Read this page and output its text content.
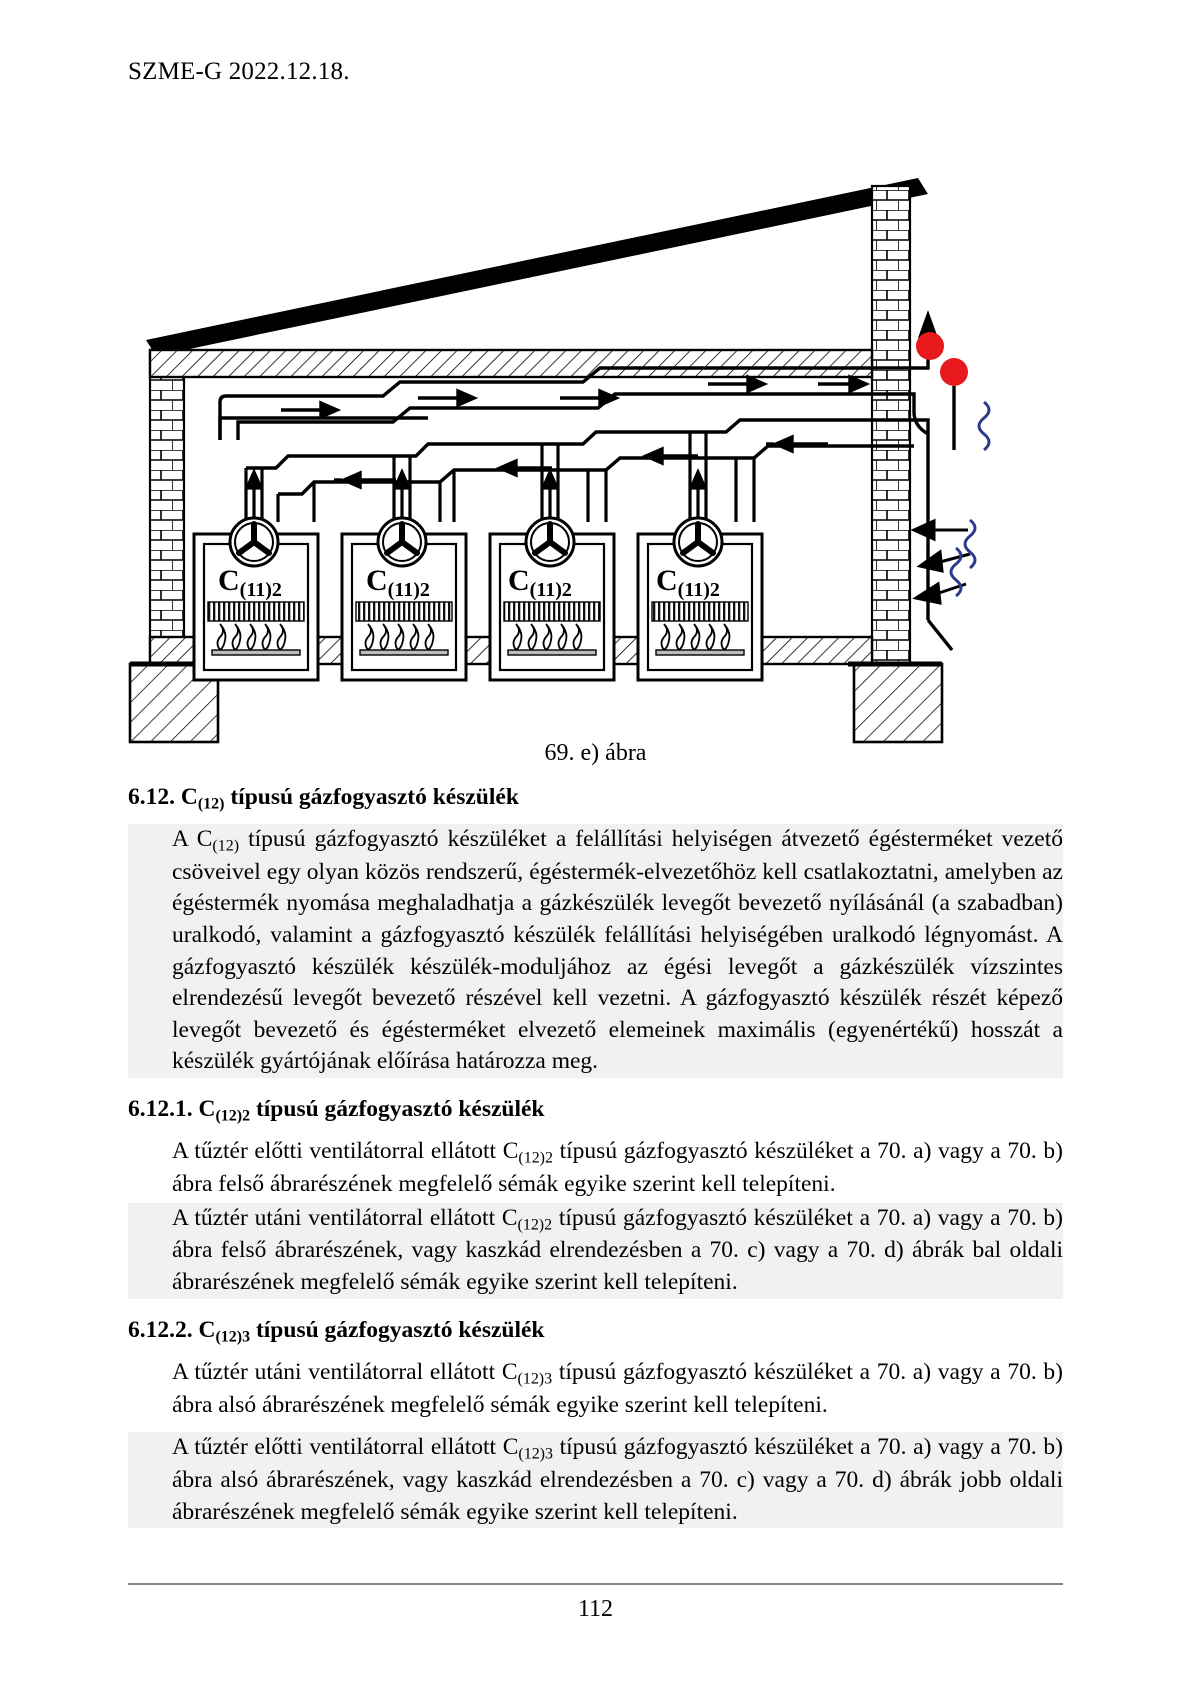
SZME-G 2022.12.18.
$C_{(11)2}$	$C_{(11)2}$	$C_{(11)2}$	$C_{(11)2}$
69. e) ábra
6.12. $C_{(12)}$ típusú gázfogyasztó készülék

A $C_{(12)}$ típusú gázfogyasztó készüléket a felállítási helyiségen átvezető égésterméket vezető csöveivel egy olyan közös rendszerű, égéstermék-elvezetőhöz kell csatlakoztatni, amelyben az égéstermék nyomása meghaladhatja a gázkészülék levegőt bevezető nyílásánál (a szabadban) uralkodó, valamint a gázfogyasztó készülék felállítási helyiségében uralkodó légnyomást. A gázfogyasztó készülék készülék-moduljához az égési levegőt a gázkészülék vízszintes elrendezésű levegőt bevezető részével kell vezetni. A gázfogyasztó készülék részét képező levegőt bevezető és égésterméket elvezető elemeinek maximális (egyenértékű) hosszát a készülék gyártójának előírása határozza meg.

6.12.1. $C_{(12)2}$ típusú gázfogyasztó készülék

A tűztér előtti ventilátorral ellátott $C_{(12)2}$ típusú gázfogyasztó készüléket a 70. a) vagy a 70. b) ábra felső ábrarészének megfelelő sémák egyike szerint kell telepíteni.

A tűztér utáni ventilátorral ellátott $C_{(12)2}$ típusú gázfogyasztó készüléket a 70. a) vagy a 70. b) ábra felső ábrarészének, vagy kaszkád elrendezésben a 70. c) vagy a 70. d) ábrák bal oldali ábrarészének megfelelő sémák egyike szerint kell telepíteni.

6.12.2. $C_{(12)3}$ típusú gázfogyasztó készülék

A tűztér utáni ventilátorral ellátott $C_{(12)3}$ típusú gázfogyasztó készüléket a 70. a) vagy a 70. b) ábra alsó ábrarészének megfelelő sémák egyike szerint kell telepíteni.

A tűztér előtti ventilátorral ellátott $C_{(12)3}$ típusú gázfogyasztó készüléket a 70. a) vagy a 70. b) ábra alsó ábrarészének, vagy kaszkád elrendezésben a 70. c) vagy a 70. d) ábrák jobb oldali ábrarészének megfelelő sémák egyike szerint kell telepíteni.

112
